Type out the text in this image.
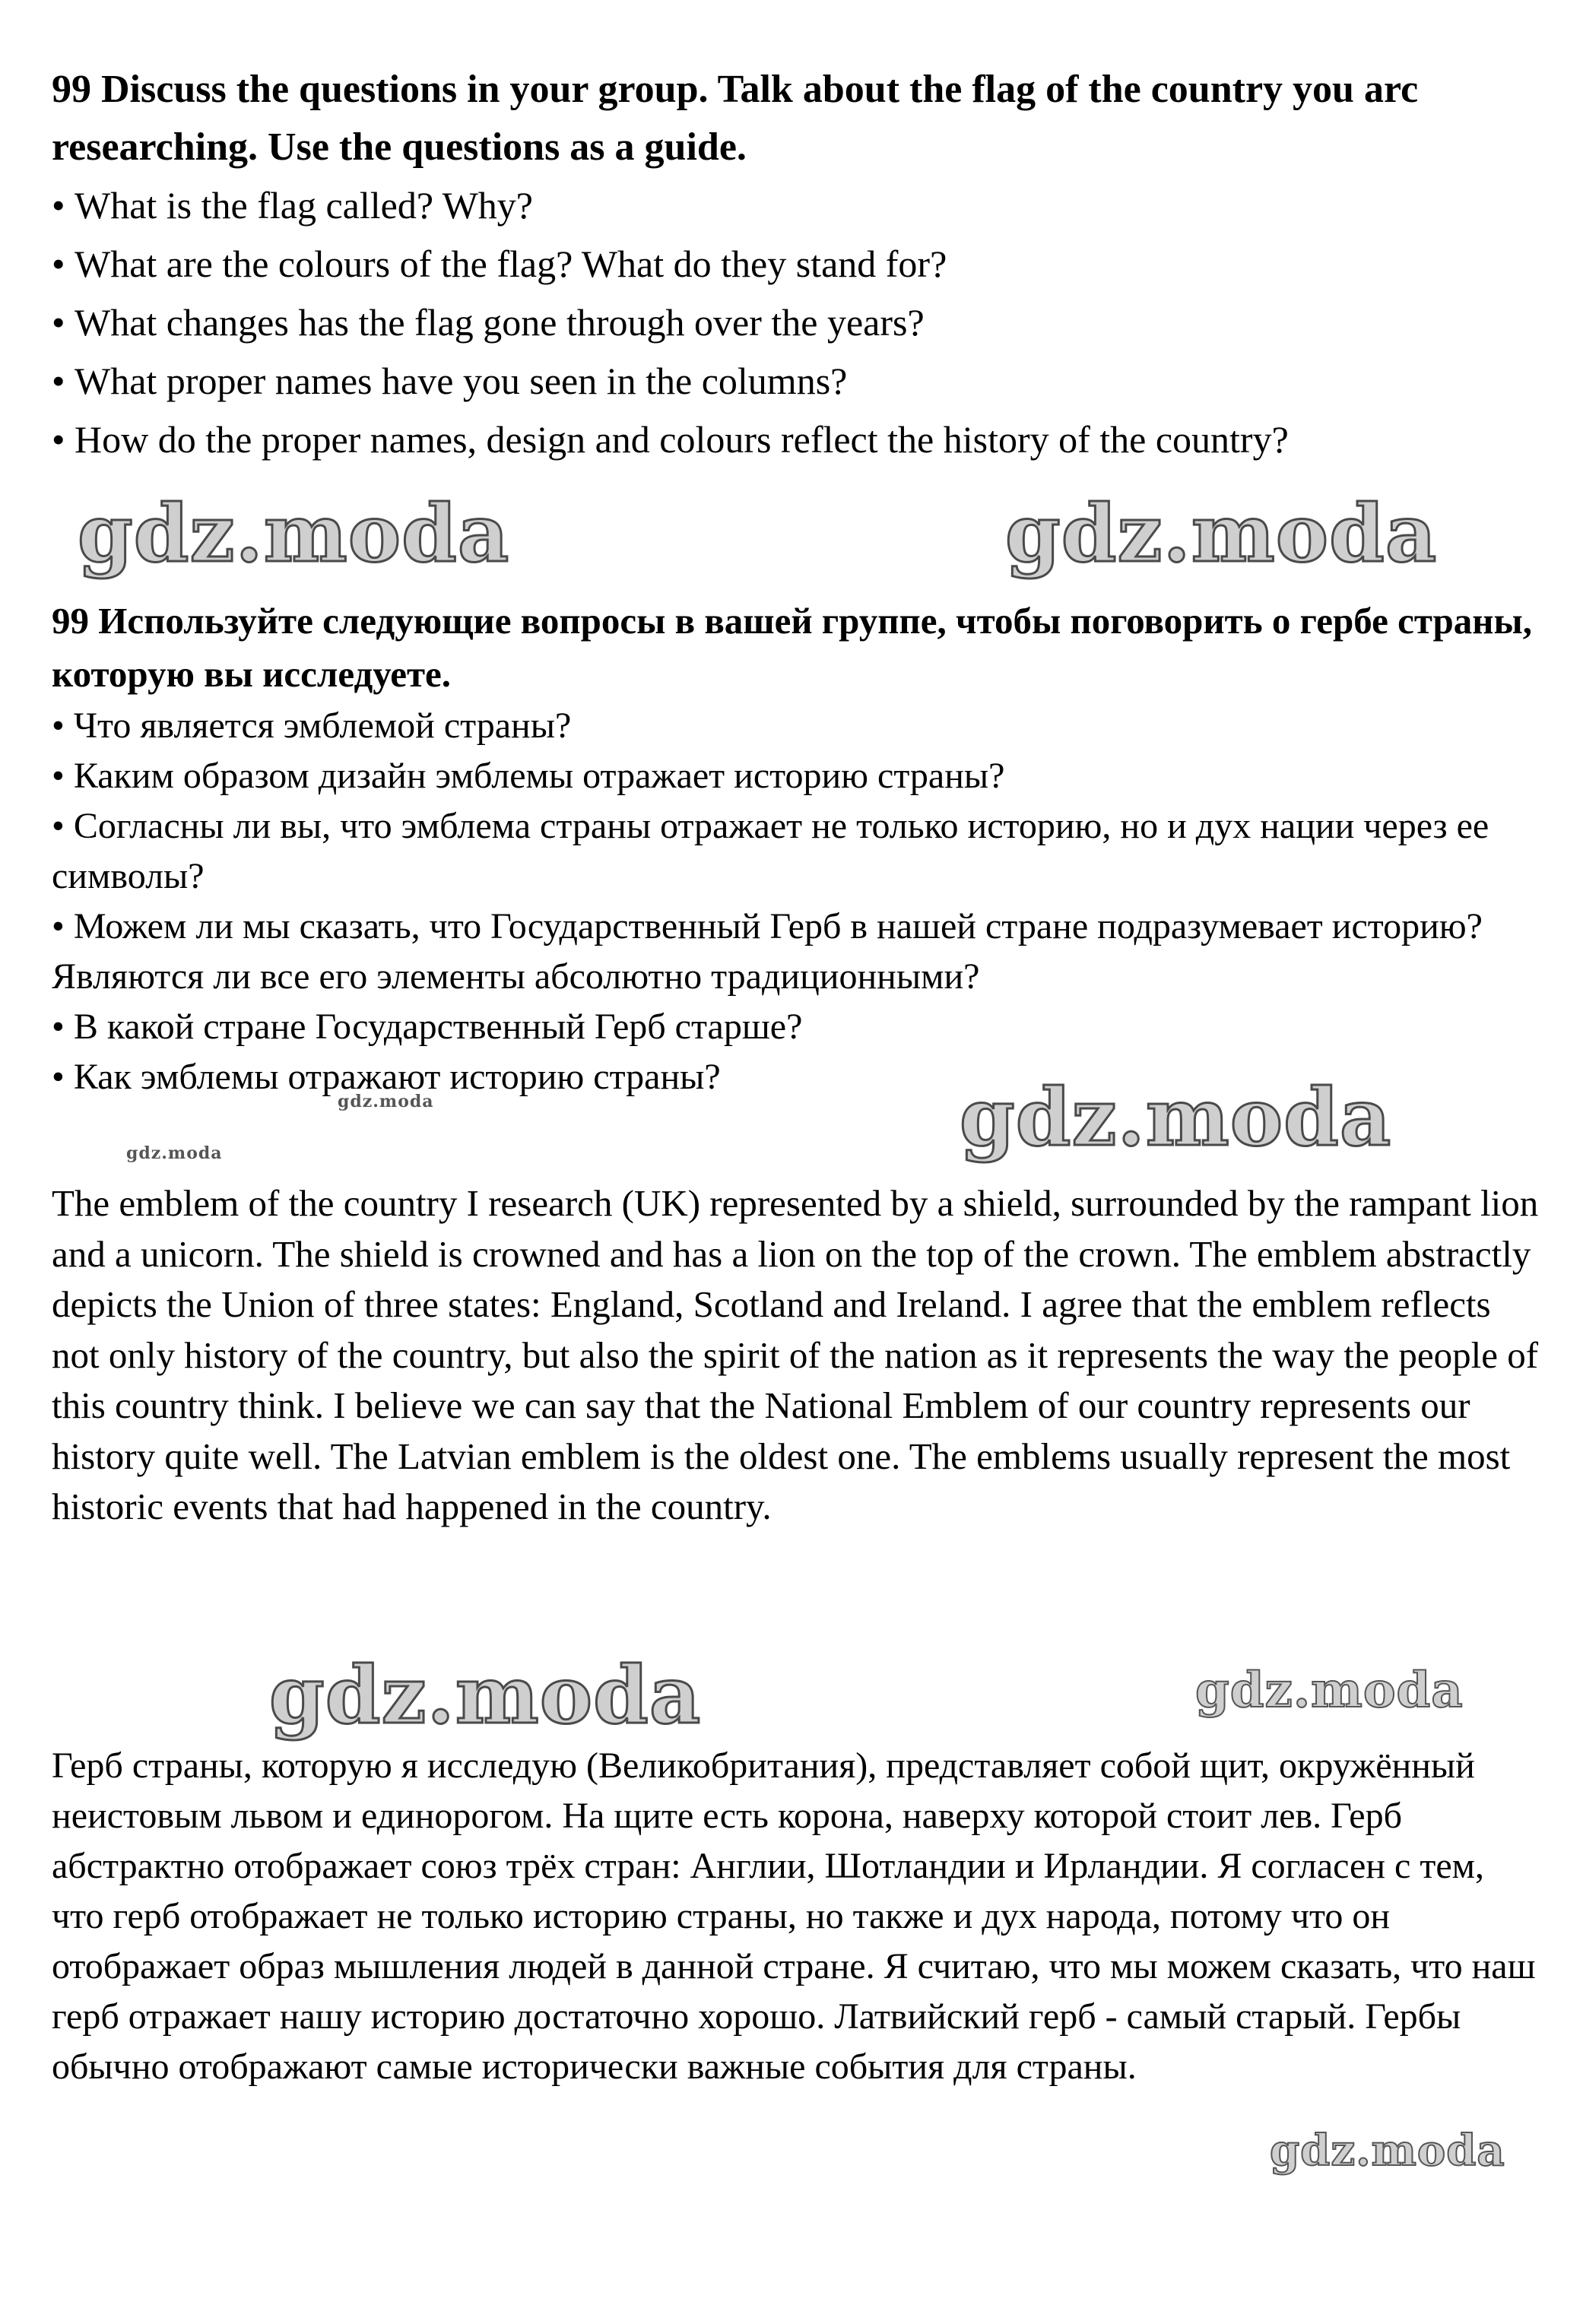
99 Discuss the questions in your group. Talk about the flag of the country you arc researching. Use the questions as a guide.

• What is the flag called? Why?
• What are the colours of the flag? What do they stand for?
• What changes has the flag gone through over the years?
• What proper names have you seen in the columns?
• How do the proper names, design and colours reflect the history of the country?

99 Используйте следующие вопросы в вашей группе, чтобы поговорить о гербе страны, которую вы исследуете.

• Что является эмблемой страны?
• Каким образом дизайн эмблемы отражает историю страны?
• Согласны ли вы, что эмблема страны отражает не только историю, но и дух нации через ее символы?
• Можем ли мы сказать, что Государственный Герб в нашей стране подразумевает историю? Являются ли все его элементы абсолютно традиционными?
• В какой стране Государственный Герб старше?
• Как эмблемы отражают историю страны?

The emblem of the country I research (UK) represented by a shield, surrounded by the rampant lion and a unicorn. The shield is crowned and has a lion on the top of the crown. The emblem abstractly depicts the Union of three states: England, Scotland and Ireland. I agree that the emblem reflects not only history of the country, but also the spirit of the nation as it represents the way the people of this country think. I believe we can say that the National Emblem of our country represents our history quite well. The Latvian emblem is the oldest one. The emblems usually represent the most historic events that had happened in the country.

Герб страны, которую я исследую (Великобритания), представляет собой щит, окружённый неистовым львом и единорогом. На щите есть корона, наверху которой стоит лев. Герб абстрактно отображает союз трёх стран: Англии, Шотландии и Ирландии. Я согласен с тем, что герб отображает не только историю страны, но также и дух народа, потому что он отображает образ мышления людей в данной стране. Я считаю, что мы можем сказать, что наш герб отражает нашу историю достаточно хорошо. Латвийский герб - самый старый. Гербы обычно отображают самые исторически важные события для страны.

gdz.moda	gdz.moda
gdz.moda
gdz.moda
gdz.moda
gdz.moda	gdz.moda
gdz.moda
